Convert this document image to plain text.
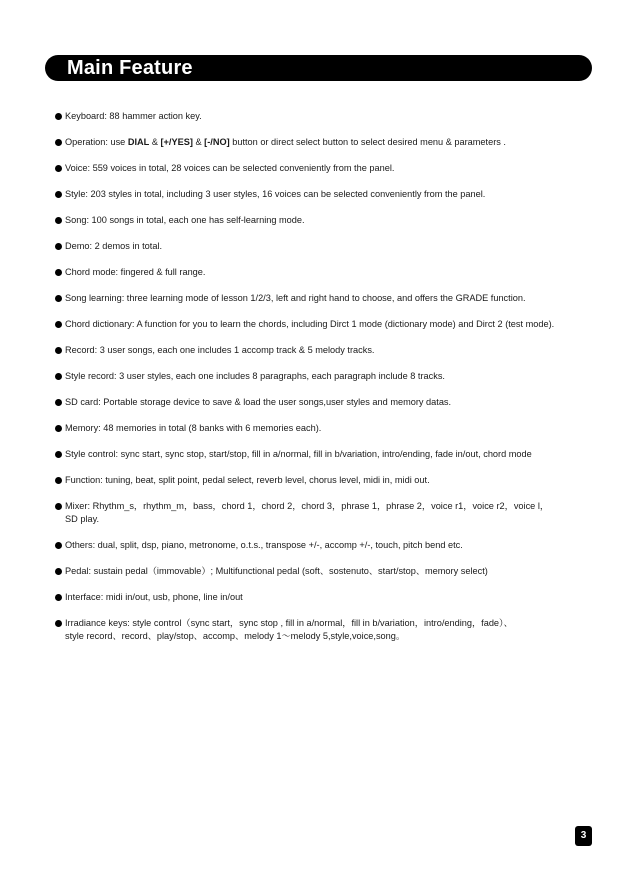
Main Feature
Keyboard: 88 hammer action key.
Operation: use DIAL & [+/YES] & [-/NO] button or direct select button to select desired menu & parameters .
Voice: 559 voices in total, 28 voices can be selected conveniently from the panel.
Style: 203 styles in total, including 3 user styles, 16 voices can be selected conveniently from the panel.
Song: 100 songs in total, each one has self-learning mode.
Demo: 2 demos in total.
Chord mode: fingered & full range.
Song learning: three learning mode of lesson 1/2/3, left and right hand to choose, and offers the GRADE function.
Chord dictionary: A function for you to learn the chords, including Dirct 1 mode (dictionary mode) and Dirct 2 (test mode).
Record: 3 user songs, each one includes 1 accomp track & 5 melody tracks.
Style record: 3 user styles, each one includes 8 paragraphs, each paragraph include 8 tracks.
SD card: Portable storage device to save & load the user songs,user styles and memory datas.
Memory: 48 memories in total (8 banks with 6 memories each).
Style control: sync start, sync stop, start/stop, fill in a/normal, fill in b/variation, intro/ending, fade in/out, chord mode
Function: tuning, beat, split point, pedal select, reverb level, chorus level, midi in, midi out.
Mixer: Rhythm_s，rhythm_m，bass，chord 1，chord 2，chord 3，phrase 1，phrase 2，voice r1，voice r2，voice l，
SD play.
Others: dual, split, dsp, piano, metronome, o.t.s., transpose +/-, accomp +/-, touch, pitch bend etc.
Pedal: sustain pedal（immovable）; Multifunctional pedal (soft、sostenuto、start/stop、memory select)
Interface: midi in/out, usb, phone, line in/out
Irradiance keys: style control（sync start，sync stop , fill in a/normal，fill in b/variation，intro/ending，fade）、
style record、record、play/stop、accomp、melody 1～melody 5,style,voice,song。
3
